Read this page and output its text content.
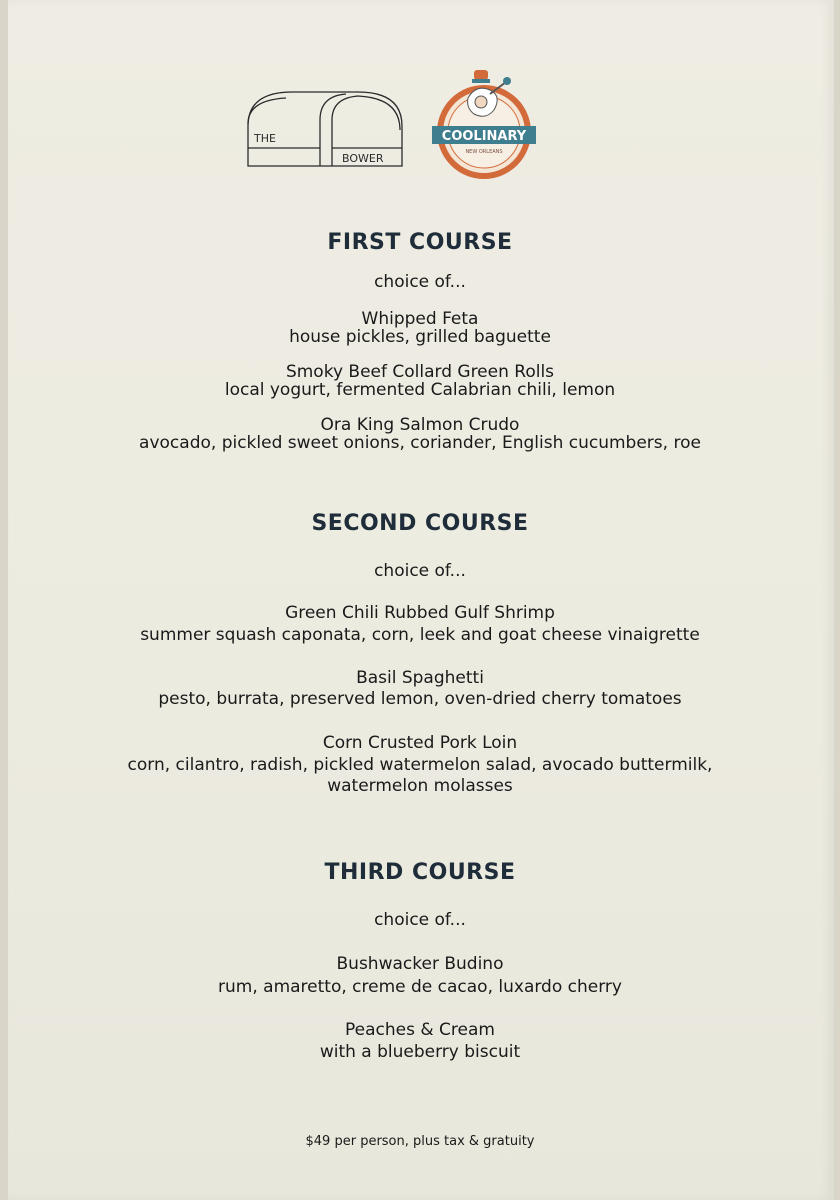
THE
BOWER
COOLINARY
NEW ORLEANS
FIRST COURSE
choice of...
Whipped Feta
house pickles, grilled baguette
Smoky Beef Collard Green Rolls
local yogurt, fermented Calabrian chili, lemon
Ora King Salmon Crudo
avocado, pickled sweet onions, coriander, English cucumbers, roe
SECOND COURSE
choice of...
Green Chili Rubbed Gulf Shrimp
summer squash caponata, corn, leek and goat cheese vinaigrette
Basil Spaghetti
pesto, burrata, preserved lemon, oven-dried cherry tomatoes
Corn Crusted Pork Loin
corn, cilantro, radish, pickled watermelon salad, avocado buttermilk,
watermelon molasses
THIRD COURSE
choice of...
Bushwacker Budino
rum, amaretto, creme de cacao, luxardo cherry
Peaches & Cream
with a blueberry biscuit
$49 per person, plus tax & gratuity
